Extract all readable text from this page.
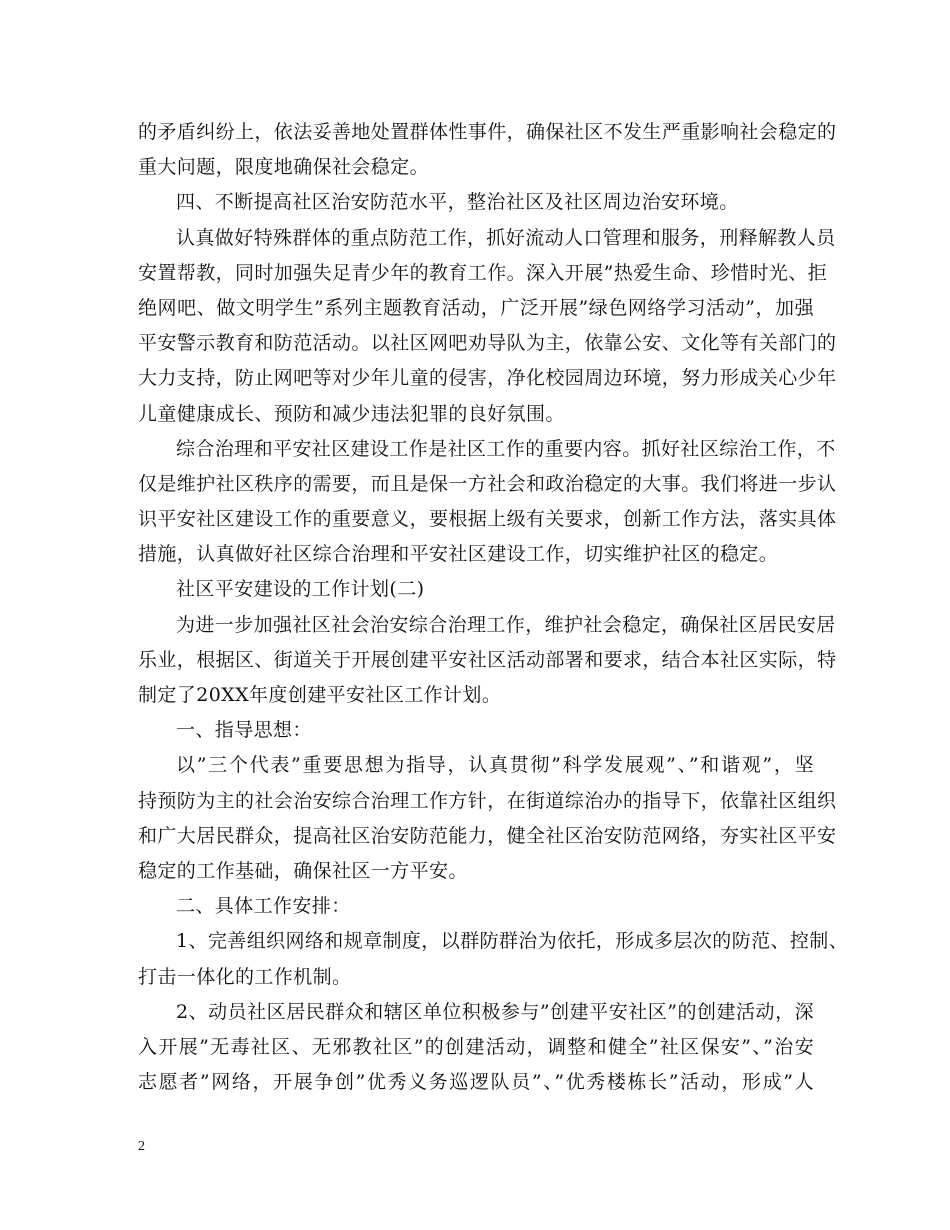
的矛盾纠纷上，依法妥善地处置群体性事件，确保社区不发生严重影响社会稳定的
重大问题，限度地确保社会稳定。
四、不断提高社区治安防范水平，整治社区及社区周边治安环境。
认真做好特殊群体的重点防范工作，抓好流动人口管理和服务，刑释解教人员
安置帮教，同时加强失足青少年的教育工作。深入开展”热爱生命、珍惜时光、拒
绝网吧、做文明学生”系列主题教育活动，广泛开展”绿色网络学习活动”，加强
平安警示教育和防范活动。以社区网吧劝导队为主，依靠公安、文化等有关部门的
大力支持，防止网吧等对少年儿童的侵害，净化校园周边环境，努力形成关心少年
儿童健康成长、预防和减少违法犯罪的良好氛围。
综合治理和平安社区建设工作是社区工作的重要内容。抓好社区综治工作，不
仅是维护社区秩序的需要，而且是保一方社会和政治稳定的大事。我们将进一步认
识平安社区建设工作的重要意义，要根据上级有关要求，创新工作方法，落实具体
措施，认真做好社区综合治理和平安社区建设工作，切实维护社区的稳定。
社区平安建设的工作计划(二)
为进一步加强社区社会治安综合治理工作，维护社会稳定，确保社区居民安居
乐业，根据区、街道关于开展创建平安社区活动部署和要求，结合本社区实际，特
制定了20XX年度创建平安社区工作计划。
一、指导思想：
以”三个代表”重要思想为指导，认真贯彻”科学发展观”、”和谐观”，坚
持预防为主的社会治安综合治理工作方针，在街道综治办的指导下，依靠社区组织
和广大居民群众，提高社区治安防范能力，健全社区治安防范网络，夯实社区平安
稳定的工作基础，确保社区一方平安。
二、具体工作安排：
1、完善组织网络和规章制度，以群防群治为依托，形成多层次的防范、控制、
打击一体化的工作机制。
2、动员社区居民群众和辖区单位积极参与”创建平安社区”的创建活动，深
入开展”无毒社区、无邪教社区”的创建活动，调整和健全”社区保安”、”治安
志愿者”网络，开展争创”优秀义务巡逻队员”、”优秀楼栋长”活动，形成”人
2
